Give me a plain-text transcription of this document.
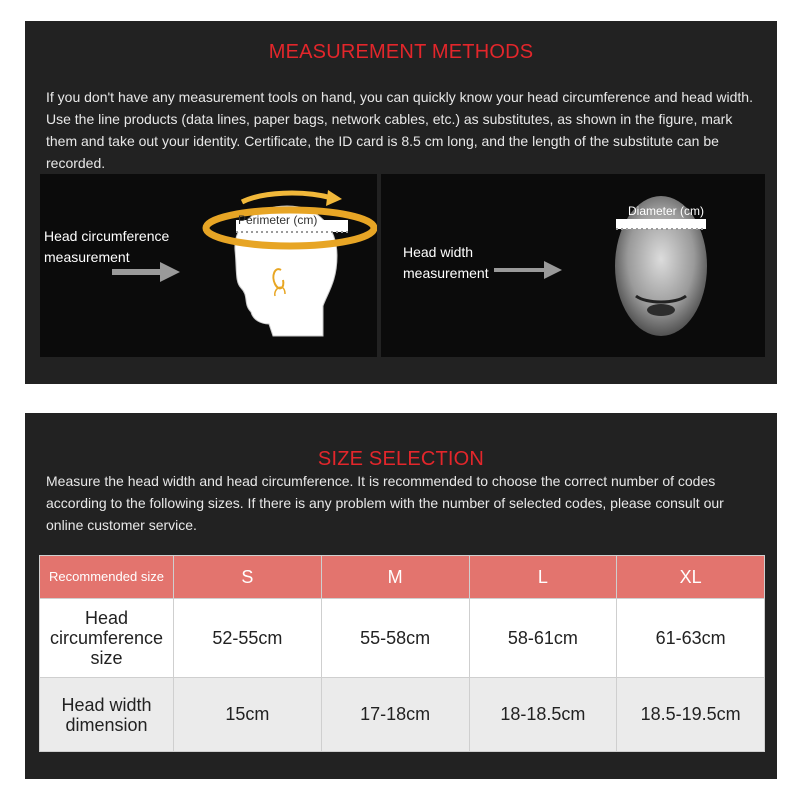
MEASUREMENT METHODS
If you don't have any measurement tools on hand, you can quickly know your head circumference and head width. Use the line products (data lines, paper bags, network cables, etc.) as substitutes, as shown in the figure, mark them and take out your identity. Certificate, the ID card is 8.5 cm long, and the length of the substitute can be recorded.
Head circumference
measurement
Perimeter (cm)
Head width
measurement
Diameter (cm)
SIZE SELECTION
Measure the head width and head circumference. It is recommended to choose the correct number of codes according to the following sizes. If there is any problem with the number of selected codes, please consult our online customer service.
Recommended size	S	M	L	XL
Head circumference
size	52-55cm	55-58cm	58-61cm	61-63cm
Head width
dimension	15cm	17-18cm	18-18.5cm	18.5-19.5cm
